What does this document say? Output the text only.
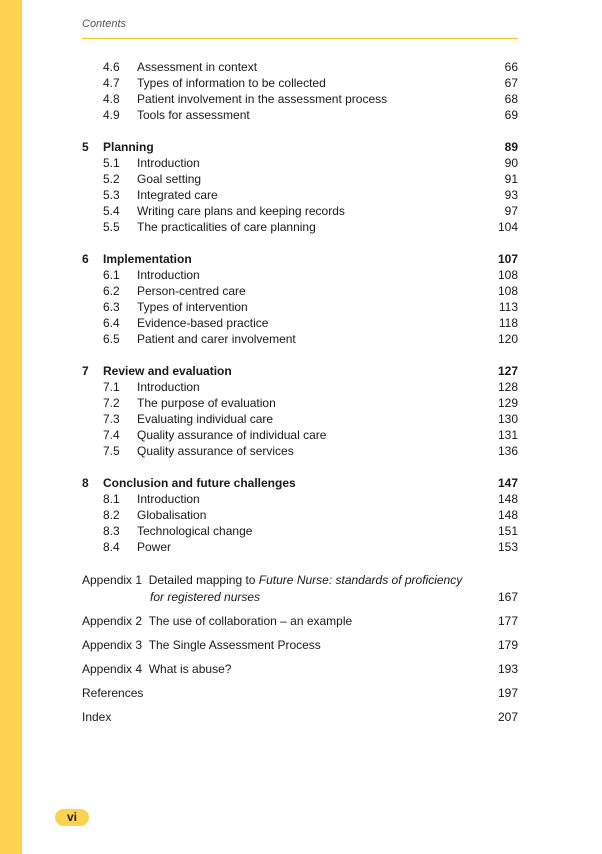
Contents
4.6 Assessment in context	66
4.7 Types of information to be collected	67
4.8 Patient involvement in the assessment process	68
4.9 Tools for assessment	69
5 Planning	89
5.1 Introduction	90
5.2 Goal setting	91
5.3 Integrated care	93
5.4 Writing care plans and keeping records	97
5.5 The practicalities of care planning	104
6 Implementation	107
6.1 Introduction	108
6.2 Person-centred care	108
6.3 Types of intervention	113
6.4 Evidence-based practice	118
6.5 Patient and carer involvement	120
7 Review and evaluation	127
7.1 Introduction	128
7.2 The purpose of evaluation	129
7.3 Evaluating individual care	130
7.4 Quality assurance of individual care	131
7.5 Quality assurance of services	136
8 Conclusion and future challenges	147
8.1 Introduction	148
8.2 Globalisation	148
8.3 Technological change	151
8.4 Power	153
Appendix 1 Detailed mapping to Future Nurse: standards of proficiency
for registered nurses	167
Appendix 2 The use of collaboration – an example	177
Appendix 3 The Single Assessment Process	179
Appendix 4 What is abuse?	193
References	197
Index	207
vi
